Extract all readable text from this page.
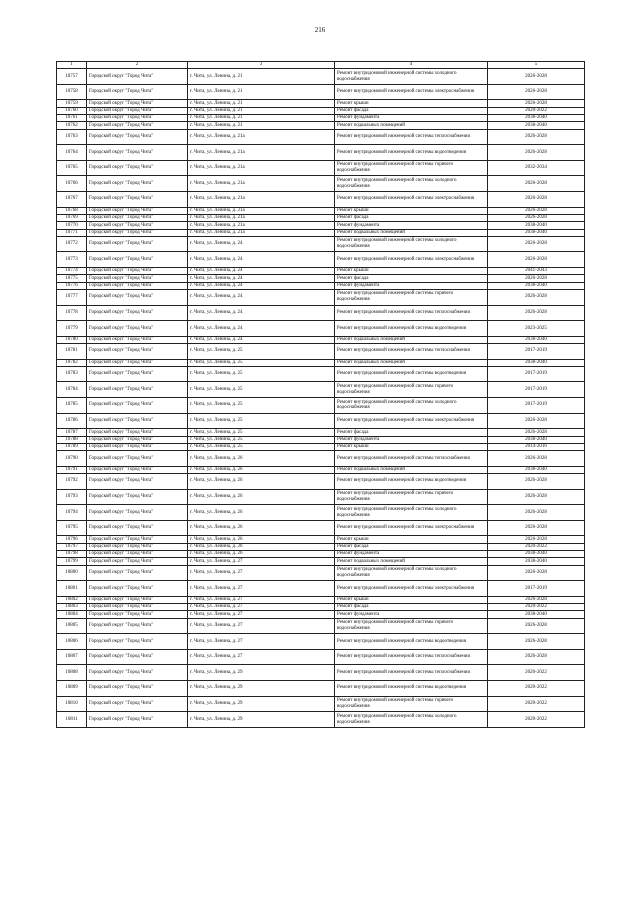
216
1	2	3	4	5
10757	Городской округ "Город Чита"	г. Чита, ул. Ленина, д. 21	Ремонт внутридомовой инженерной системы холодного водоснабжения	2026-2028
10758	Городской округ "Город Чита"	г. Чита, ул. Ленина, д. 21	Ремонт внутридомовой инженерной системы электроснабжения	2026-2028
10759	Городской округ "Город Чита"	г. Чита, ул. Ленина, д. 21	Ремонт крыши	2026-2028
10760	Городской округ "Город Чита"	г. Чита, ул. Ленина, д. 21	Ремонт фасада	2020-2022
10761	Городской округ "Город Чита"	г. Чита, ул. Ленина, д. 21	Ремонт фундамента	2038-2040
10762	Городской округ "Город Чита"	г. Чита, ул. Ленина, д. 21	Ремонт подвальных помещений	2038-2040
10763	Городской округ "Город Чита"	г. Чита, ул. Ленина, д. 21а	Ремонт внутридомовой инженерной системы теплоснабжения	2026-2028
10764	Городской округ "Город Чита"	г. Чита, ул. Ленина, д. 21а	Ремонт внутридомовой инженерной системы водоотведения	2026-2028
10765	Городской округ "Город Чита"	г. Чита, ул. Ленина, д. 21а	Ремонт внутридомовой инженерной системы горячего водоснабжения	2032-2034
10766	Городской округ "Город Чита"	г. Чита, ул. Ленина, д. 21а	Ремонт внутридомовой инженерной системы холодного водоснабжения	2026-2028
10767	Городской округ "Город Чита"	г. Чита, ул. Ленина, д. 21а	Ремонт внутридомовой инженерной системы электроснабжения	2026-2028
10768	Городской округ "Город Чита"	г. Чита, ул. Ленина, д. 21а	Ремонт крыши	2026-2028
10769	Городской округ "Город Чита"	г. Чита, ул. Ленина, д. 21а	Ремонт фасада	2026-2028
10770	Городской округ "Город Чита"	г. Чита, ул. Ленина, д. 21а	Ремонт фундамента	2038-2040
10771	Городской округ "Город Чита"	г. Чита, ул. Ленина, д. 21а	Ремонт подвальных помещений	2038-2040
10772	Городской округ "Город Чита"	г. Чита, ул. Ленина, д. 24	Ремонт внутридомовой инженерной системы холодного водоснабжения	2026-2028
10773	Городской округ "Город Чита"	г. Чита, ул. Ленина, д. 24	Ремонт внутридомовой инженерной системы электроснабжения	2026-2028
10774	Городской округ "Город Чита"	г. Чита, ул. Ленина, д. 24	Ремонт крыши	2041-2043
10775	Городской округ "Город Чита"	г. Чита, ул. Ленина, д. 24	Ремонт фасада	2026-2028
10776	Городской округ "Город Чита"	г. Чита, ул. Ленина, д. 24	Ремонт фундамента	2038-2040
10777	Городской округ "Город Чита"	г. Чита, ул. Ленина, д. 24	Ремонт внутридомовой инженерной системы горячего водоснабжения	2026-2028
10778	Городской округ "Город Чита"	г. Чита, ул. Ленина, д. 24	Ремонт внутридомовой инженерной системы теплоснабжения	2026-2028
10779	Городской округ "Город Чита"	г. Чита, ул. Ленина, д. 24	Ремонт внутридомовой инженерной системы водоотведения	2023-2025
10780	Городской округ "Город Чита"	г. Чита, ул. Ленина, д. 24	Ремонт подвальных помещений	2038-2040
10781	Городской округ "Город Чита"	г. Чита, ул. Ленина, д. 25	Ремонт внутридомовой инженерной системы теплоснабжения	2017-2019
10782	Городской округ "Город Чита"	г. Чита, ул. Ленина, д. 25	Ремонт подвальных помещений	2038-2040
10783	Городской округ "Город Чита"	г. Чита, ул. Ленина, д. 25	Ремонт внутридомовой инженерной системы водоотведения	2017-2019
10784	Городской округ "Город Чита"	г. Чита, ул. Ленина, д. 25	Ремонт внутридомовой инженерной системы горячего водоснабжения	2017-2019
10785	Городской округ "Город Чита"	г. Чита, ул. Ленина, д. 25	Ремонт внутридомовой инженерной системы холодного водоснабжения	2017-2019
10786	Городской округ "Город Чита"	г. Чита, ул. Ленина, д. 25	Ремонт внутридомовой инженерной системы электроснабжения	2026-2028
10787	Городской округ "Город Чита"	г. Чита, ул. Ленина, д. 25	Ремонт фасада	2026-2028
10788	Городской округ "Город Чита"	г. Чита, ул. Ленина, д. 25	Ремонт фундамента	2038-2040
10789	Городской округ "Город Чита"	г. Чита, ул. Ленина, д. 25	Ремонт крыши	2014-2016
10790	Городской округ "Город Чита"	г. Чита, ул. Ленина, д. 26	Ремонт внутридомовой инженерной системы теплоснабжения	2026-2028
10791	Городской округ "Город Чита"	г. Чита, ул. Ленина, д. 26	Ремонт подвальных помещений	2038-2040
10792	Городской округ "Город Чита"	г. Чита, ул. Ленина, д. 26	Ремонт внутридомовой инженерной системы водоотведения	2026-2028
10793	Городской округ "Город Чита"	г. Чита, ул. Ленина, д. 26	Ремонт внутридомовой инженерной системы горячего водоснабжения	2026-2028
10794	Городской округ "Город Чита"	г. Чита, ул. Ленина, д. 26	Ремонт внутридомовой инженерной системы холодного водоснабжения	2026-2028
10795	Городской округ "Город Чита"	г. Чита, ул. Ленина, д. 26	Ремонт внутридомовой инженерной системы электроснабжения	2026-2028
10796	Городской округ "Город Чита"	г. Чита, ул. Ленина, д. 26	Ремонт крыши	2026-2028
10797	Городской округ "Город Чита"	г. Чита, ул. Ленина, д. 26	Ремонт фасада	2020-2022
10798	Городской округ "Город Чита"	г. Чита, ул. Ленина, д. 26	Ремонт фундамента	2038-2040
10799	Городской округ "Город Чита"	г. Чита, ул. Ленина, д. 27	Ремонт подвальных помещений	2038-2040
10800	Городской округ "Город Чита"	г. Чита, ул. Ленина, д. 27	Ремонт внутридомовой инженерной системы холодного водоснабжения	2026-2028
10801	Городской округ "Город Чита"	г. Чита, ул. Ленина, д. 27	Ремонт внутридомовой инженерной системы электроснабжения	2017-2019
10802	Городской округ "Город Чита"	г. Чита, ул. Ленина, д. 27	Ремонт крыши	2026-2028
10803	Городской округ "Город Чита"	г. Чита, ул. Ленина, д. 27	Ремонт фасада	2020-2022
10804	Городской округ "Город Чита"	г. Чита, ул. Ленина, д. 27	Ремонт фундамента	2038-2040
10805	Городской округ "Город Чита"	г. Чита, ул. Ленина, д. 27	Ремонт внутридомовой инженерной системы горячего водоснабжения	2026-2028
10806	Городской округ "Город Чита"	г. Чита, ул. Ленина, д. 27	Ремонт внутридомовой инженерной системы водоотведения	2026-2028
10807	Городской округ "Город Чита"	г. Чита, ул. Ленина, д. 27	Ремонт внутридомовой инженерной системы теплоснабжения	2026-2028
10808	Городской округ "Город Чита"	г. Чита, ул. Ленина, д. 29	Ремонт внутридомовой инженерной системы теплоснабжения	2020-2022
10809	Городской округ "Город Чита"	г. Чита, ул. Ленина, д. 29	Ремонт внутридомовой инженерной системы водоотведения	2020-2022
10810	Городской округ "Город Чита"	г. Чита, ул. Ленина, д. 29	Ремонт внутридомовой инженерной системы горячего водоснабжения	2020-2022
10811	Городской округ "Город Чита"	г. Чита, ул. Ленина, д. 29	Ремонт внутридомовой инженерной системы холодного водоснабжения	2020-2022
